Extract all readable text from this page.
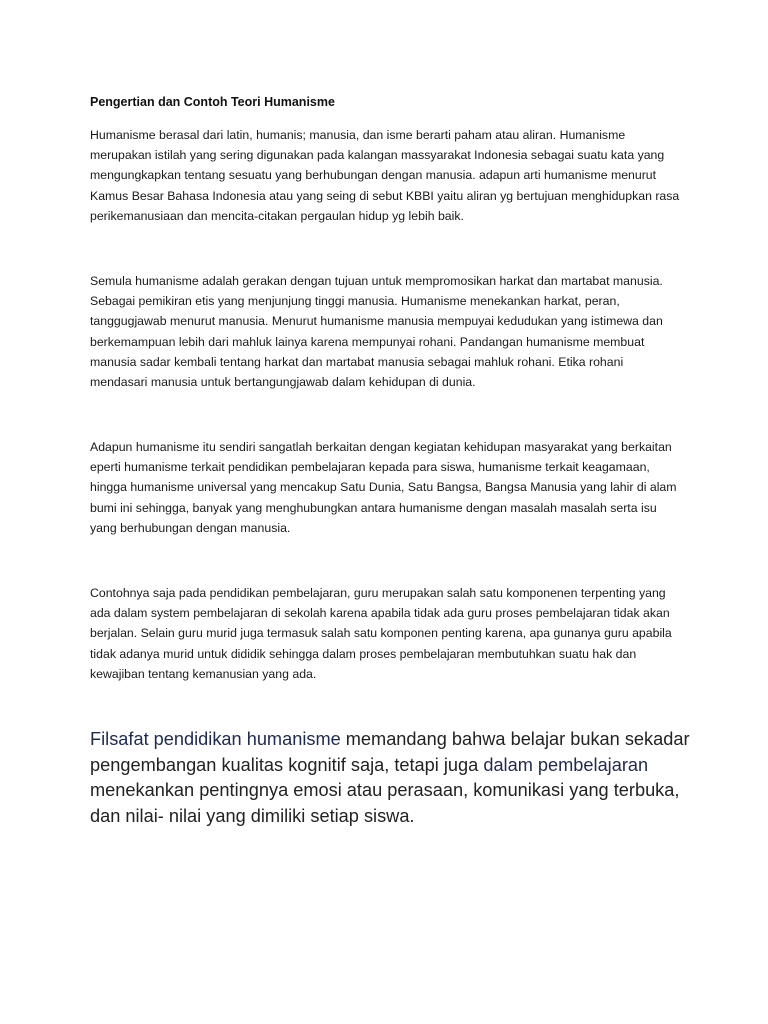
Pengertian dan Contoh Teori Humanisme

Humanisme berasal dari latin, humanis; manusia, dan isme berarti paham atau aliran. Humanisme merupakan istilah yang sering digunakan pada kalangan massyarakat Indonesia sebagai suatu kata yang mengungkapkan tentang sesuatu yang berhubungan dengan manusia. adapun arti humanisme menurut Kamus Besar Bahasa Indonesia atau yang seing di sebut KBBI yaitu aliran yg bertujuan menghidupkan rasa perikemanusiaan dan mencita-citakan pergaulan hidup yg lebih baik.

Semula humanisme adalah gerakan dengan tujuan untuk mempromosikan harkat dan martabat manusia. Sebagai pemikiran etis yang menjunjung tinggi manusia. Humanisme menekankan harkat, peran, tanggugjawab menurut manusia. Menurut humanisme manusia mempuyai kedudukan yang istimewa dan berkemampuan lebih dari mahluk lainya karena mempunyai rohani. Pandangan humanisme membuat manusia sadar kembali tentang harkat dan martabat manusia sebagai mahluk rohani. Etika rohani mendasari manusia untuk bertangungjawab dalam kehidupan di dunia.

Adapun humanisme itu sendiri sangatlah berkaitan dengan kegiatan kehidupan masyarakat yang berkaitan eperti humanisme terkait pendidikan pembelajaran kepada para siswa, humanisme terkait keagamaan, hingga humanisme universal yang mencakup Satu Dunia, Satu Bangsa, Bangsa Manusia yang lahir di alam bumi ini sehingga, banyak yang menghubungkan antara humanisme dengan masalah masalah serta isu yang berhubungan dengan manusia.

Contohnya saja pada pendidikan pembelajaran, guru merupakan salah satu komponenen terpenting yang ada dalam system pembelajaran di sekolah karena apabila tidak ada guru proses pembelajaran tidak akan berjalan. Selain guru murid juga termasuk salah satu komponen penting karena, apa gunanya guru apabila tidak adanya murid untuk dididik sehingga dalam proses pembelajaran membutuhkan suatu hak dan kewajiban tentang kemanusian yang ada.

Filsafat pendidikan humanisme memandang bahwa belajar bukan sekadar pengembangan kualitas kognitif saja, tetapi juga dalam pembelajaran menekankan pentingnya emosi atau perasaan, komunikasi yang terbuka, dan nilai- nilai yang dimiliki setiap siswa.
